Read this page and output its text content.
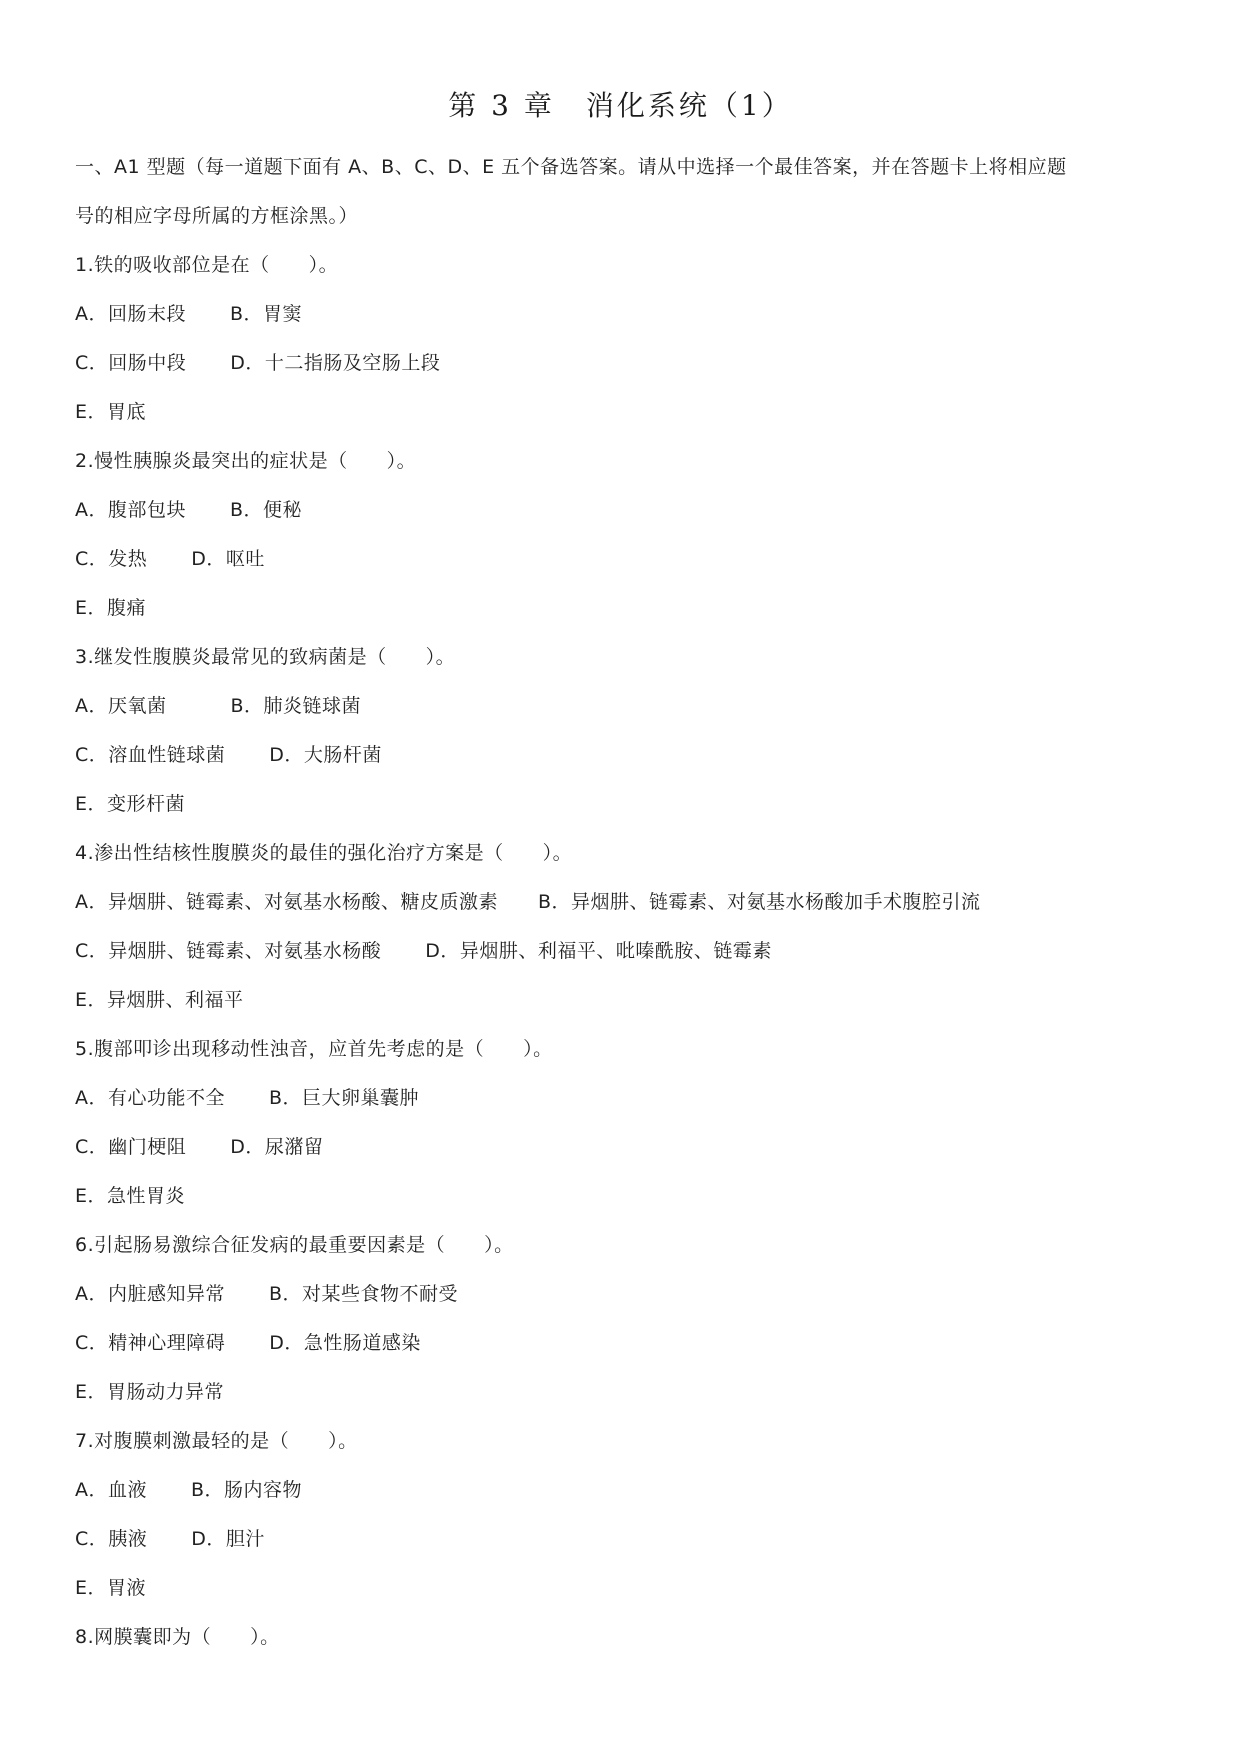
第 3 章　消化系统（1）
一、A1 型题（每一道题下面有 A、B、C、D、E 五个备选答案。请从中选择一个最佳答案，并在答题卡上将相应题
号的相应字母所属的方框涂黑。）
1.铁的吸收部位是在（　　）。
A．回肠末段 B．胃窦
C．回肠中段 D．十二指肠及空肠上段
E．胃底
2.慢性胰腺炎最突出的症状是（　　）。
A．腹部包块 B．便秘
C．发热 D．呕吐
E．腹痛
3.继发性腹膜炎最常见的致病菌是（　　）。
A．厌氧菌	B．肺炎链球菌
C．溶血性链球菌 D．大肠杆菌
E．变形杆菌
4.渗出性结核性腹膜炎的最佳的强化治疗方案是（　　）。
A．异烟肼、链霉素、对氨基水杨酸、糖皮质激素 B．异烟肼、链霉素、对氨基水杨酸加手术腹腔引流
C．异烟肼、链霉素、对氨基水杨酸 D．异烟肼、利福平、吡嗪酰胺、链霉素
E．异烟肼、利福平
5.腹部叩诊出现移动性浊音，应首先考虑的是（　　）。
A．有心功能不全 B．巨大卵巢囊肿
C．幽门梗阻 D．尿潴留
E．急性胃炎
6.引起肠易激综合征发病的最重要因素是（　　）。
A．内脏感知异常 B．对某些食物不耐受
C．精神心理障碍 D．急性肠道感染
E．胃肠动力异常
7.对腹膜刺激最轻的是（　　）。
A．血液 B．肠内容物
C．胰液 D．胆汁
E．胃液
8.网膜囊即为（　　）。
